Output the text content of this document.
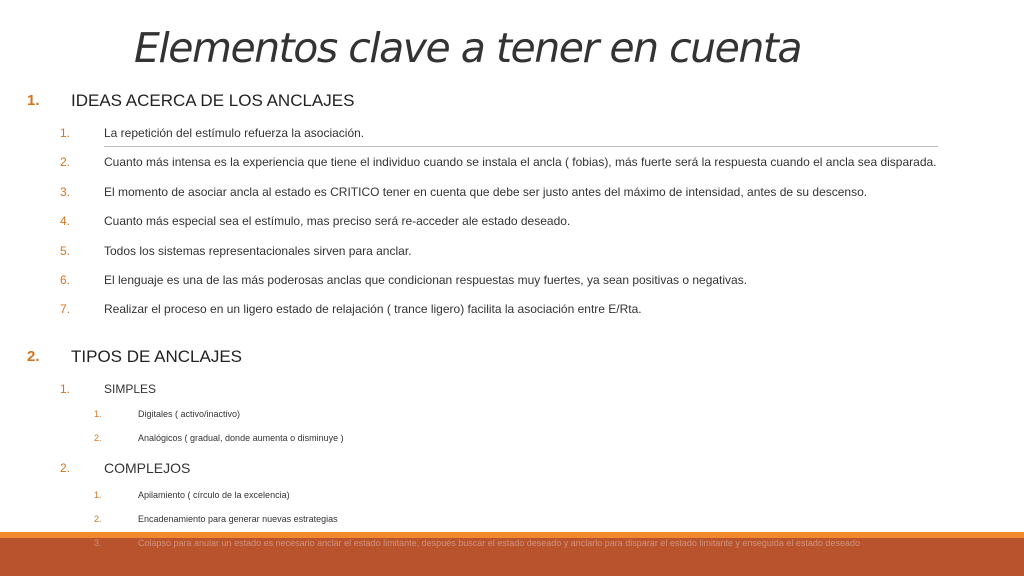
Elementos clave a tener en cuenta
1. IDEAS ACERCA DE LOS ANCLAJES
1.	La repetición del estímulo refuerza la asociación.
2.	Cuanto más intensa es la experiencia que tiene el individuo cuando se instala el ancla ( fobias), más fuerte será la respuesta cuando el ancla sea disparada.
3.	El momento de asociar ancla al estado es CRITICO tener en cuenta que debe ser justo antes del máximo de intensidad, antes de su descenso.
4.	Cuanto más especial sea el estímulo, mas preciso será re-acceder ale estado deseado.
5.	Todos los sistemas representacionales sirven para anclar.
6.	El lenguaje es una de las más poderosas anclas que condicionan respuestas muy fuertes, ya sean positivas o negativas.
7.	Realizar el proceso en un ligero estado de relajación ( trance ligero) facilita la asociación entre E/Rta.
2. TIPOS DE ANCLAJES
1.	SIMPLES
1.	Digitales ( activo/inactivo)
2.	Analógicos ( gradual, donde aumenta o disminuye )
2. COMPLEJOS
1.	Apilamiento ( círculo de la excelencia)
2.	Encadenamiento para generar nuevas estrategias
3.	Colapso para anular un estado es necesario anclar el estado limitante, después buscar el estado deseado y anclarlo para disparar el estado limitante y enseguida el estado deseado
